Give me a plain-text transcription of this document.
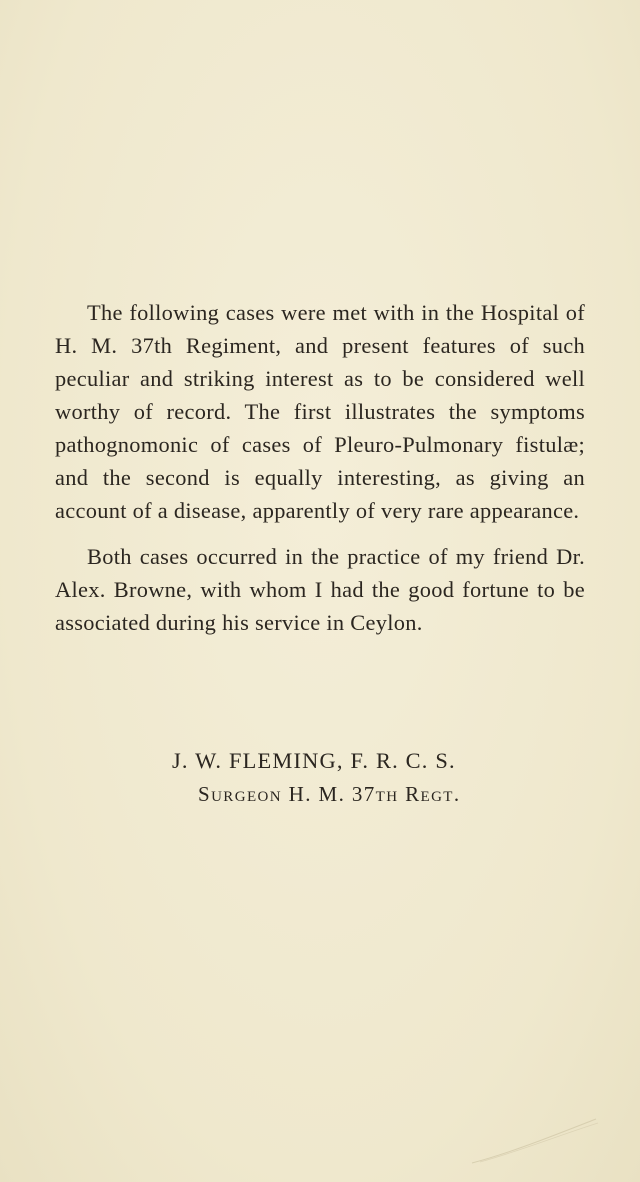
The following cases were met with in the Hospital of H. M. 37th Regiment, and present features of such peculiar and striking interest as to be considered well worthy of record. The first illustrates the symptoms pathognomonic of cases of Pleuro-Pulmonary fistulæ; and the second is equally interesting, as giving an account of a disease, apparently of very rare appearance.

Both cases occurred in the practice of my friend Dr. Alex. Browne, with whom I had the good fortune to be associated during his service in Ceylon.

J. W. FLEMING, F. R. C. S.
Surgeon H. M. 37th Regt.
